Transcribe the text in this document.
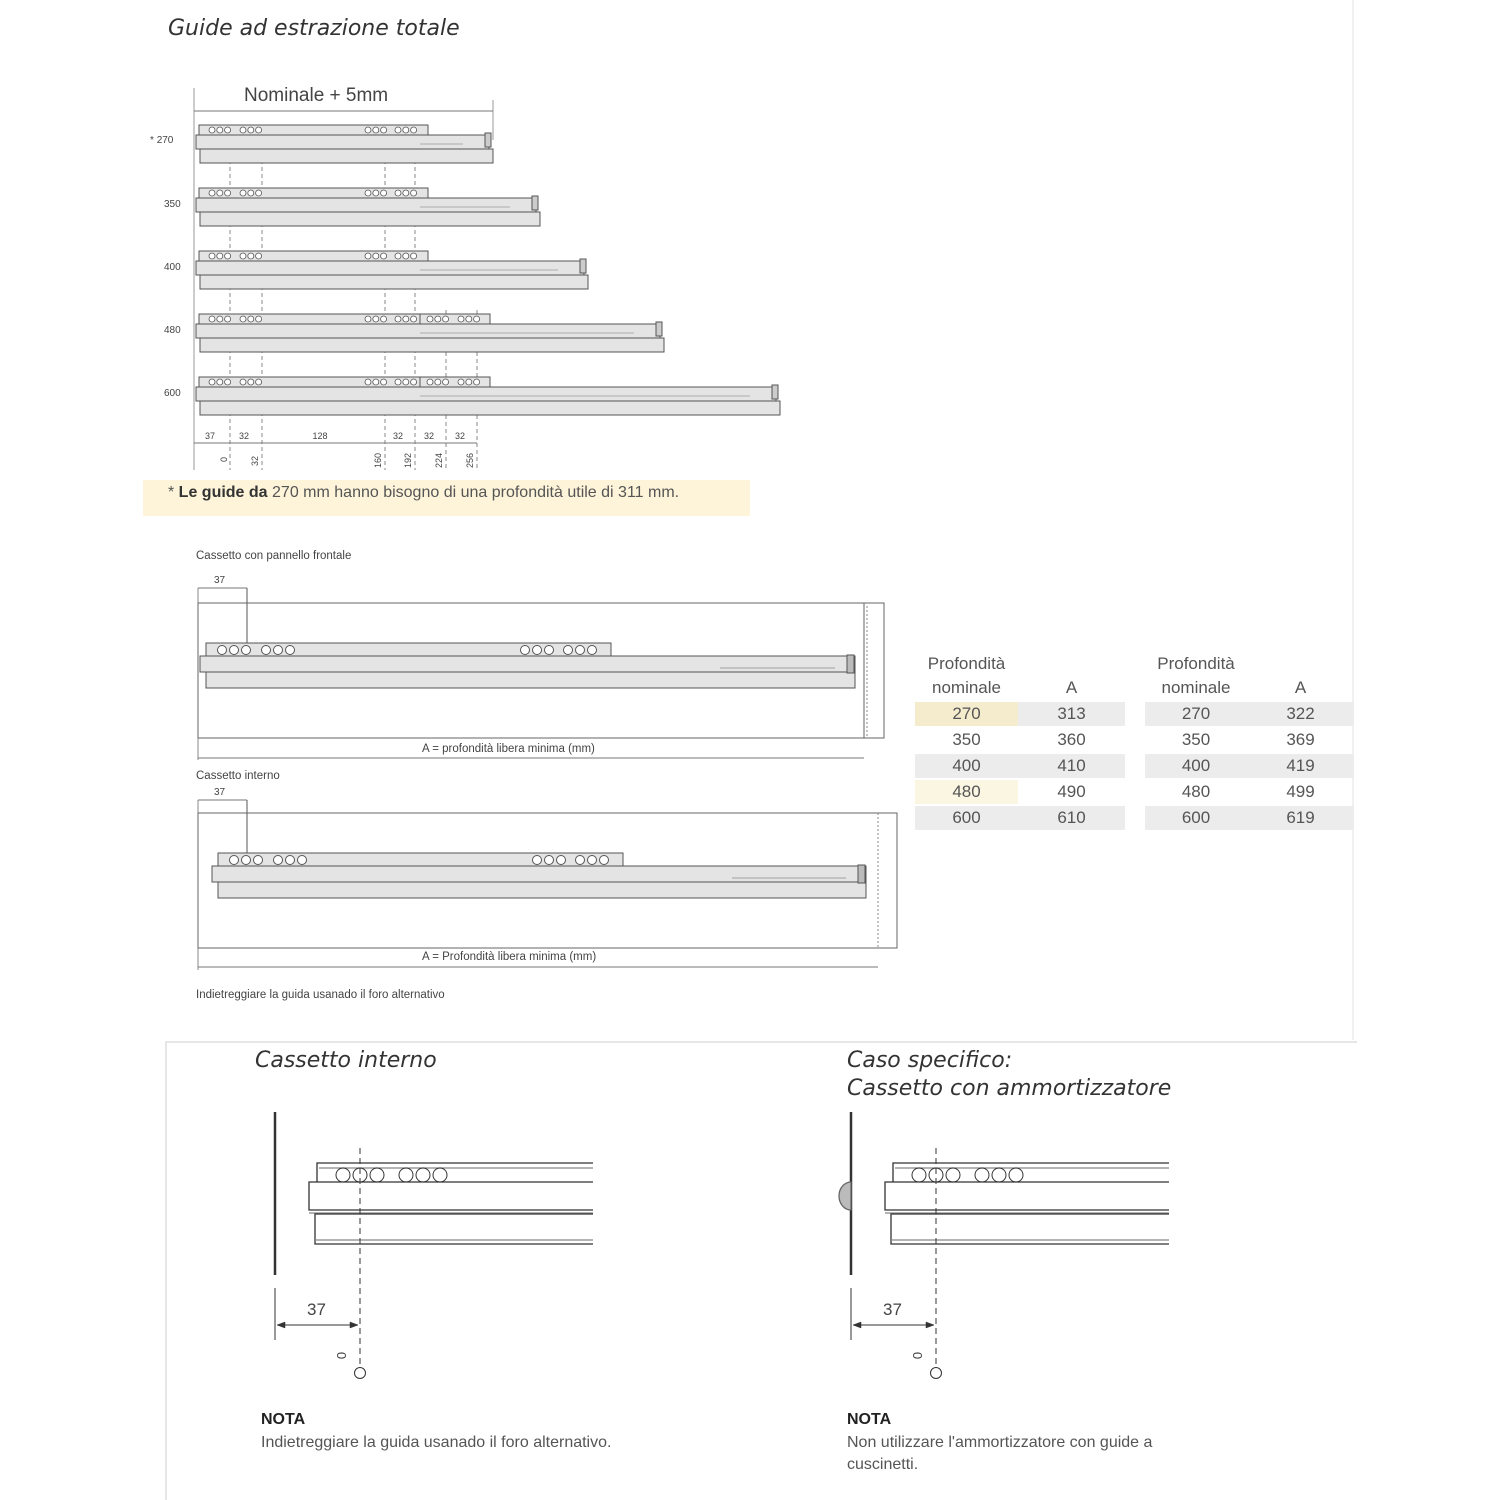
Guide ad estrazione totale
37	32	128	32 32 32
0 32	160 192 224 256
Nominale + 5mm
* 270
350
400
480
600
* Le guide da 270 mm hanno bisogno di una profondità utile di 311 mm.
Cassetto con pannello frontale
37
A = profondità libera minima (mm)
Cassetto interno
37
A = Profondità libera minima (mm)
Indietreggiare la guida usanado il foro alternativo
Profondità nominale	A
270	313
350	360
400	410
480	490
600	610
Profondità nominale	A
270	322
350	369
400	419
480	499
600	619
Cassetto interno	Caso specifico:
Cassetto con ammortizzatore
37
0
37
0
NOTA
Indietreggiare la guida usanado il foro alternativo.
NOTA
Non utilizzare l'ammortizzatore con guide a cuscinetti.
